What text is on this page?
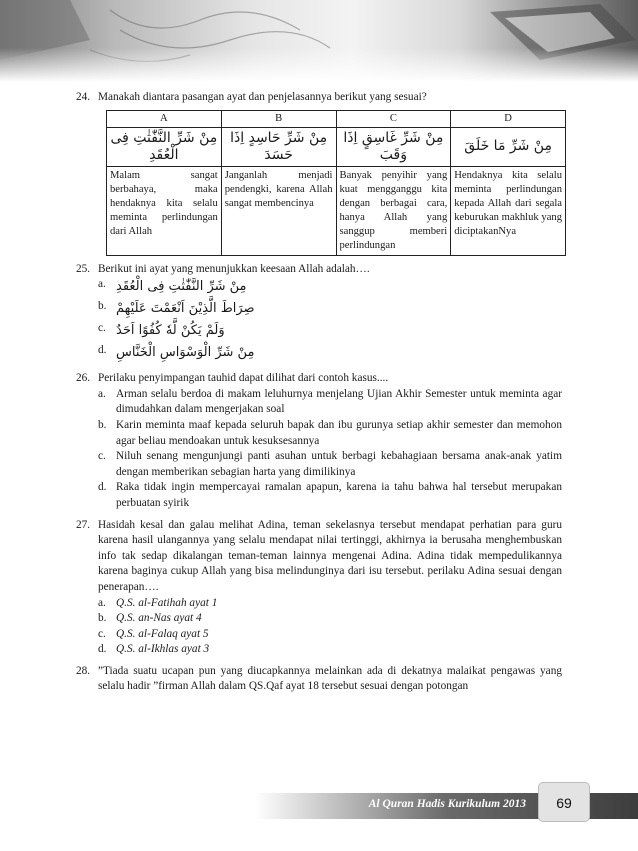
24. Manakah diantara pasangan ayat dan penjelasannya berikut yang sesuai?
A	B	C	D
مِنْ شَرِّ النَّفّٰثٰتِ فِى الْعُقَدِ	مِنْ شَرِّ حَاسِدٍ اِذَا حَسَدَ	مِنْ شَرِّ غَاسِقٍ اِذَا وَقَبَ	مِنْ شَرِّ مَا خَلَقَ
Malam sangat berbahaya, maka hendaknya kita selalu meminta perlindungan dari Allah	Janganlah menjadi pendengki, karena Allah sangat membencinya	Banyak penyihir yang kuat mengganggu kita dengan berbagai cara, hanya Allah yang sanggup memberi perlindungan	Hendaknya kita selalu meminta perlindungan kepada Allah dari segala keburukan makhluk yang diciptakanNya
25. Berikut ini ayat yang menunjukkan keesaan Allah adalah….
a. مِنْ شَرِّ النَّفّٰثٰتِ فِى الْعُقَدِ
b. صِرَاطَ الَّذِيْنَ اَنْعَمْتَ عَلَيْهِمْ
c. وَلَمْ يَكُنْ لَّهٗ كُفُوًا اَحَدٌ
d. مِنْ شَرِّ الْوَسْوَاسِ الْخَنَّاسِ
26. Perilaku penyimpangan tauhid dapat dilihat dari contoh kasus....
a. Arman selalu berdoa di makam leluhurnya menjelang Ujian Akhir Semester untuk meminta agar dimudahkan dalam mengerjakan soal
b. Karin meminta maaf kepada seluruh bapak dan ibu gurunya setiap akhir semester dan memohon agar beliau mendoakan untuk kesuksesannya
c. Niluh senang mengunjungi panti asuhan untuk berbagi kebahagiaan bersama anak-anak yatim dengan memberikan sebagian harta yang dimilikinya
d. Raka tidak ingin mempercayai ramalan apapun, karena ia tahu bahwa hal tersebut merupakan perbuatan syirik
27. Hasidah kesal dan galau melihat Adina, teman sekelasnya tersebut mendapat perhatian para guru karena hasil ulangannya yang selalu mendapat nilai tertinggi, akhirnya ia berusaha menghembuskan info tak sedap dikalangan teman-teman lainnya mengenai Adina. Adina tidak mempedulikannya karena baginya cukup Allah yang bisa melindunginya dari isu tersebut. perilaku Adina sesuai dengan penerapan….
a. Q.S. al-Fatihah ayat 1
b. Q.S. an-Nas ayat 4
c. Q.S. al-Falaq ayat 5
d. Q.S. al-Ikhlas ayat 3
28. ”Tiada suatu ucapan pun yang diucapkannya melainkan ada di dekatnya malaikat pengawas yang selalu hadir ”firman Allah dalam QS.Qaf ayat 18 tersebut sesuai dengan potongan
Al Quran Hadis Kurikulum 2013	69
